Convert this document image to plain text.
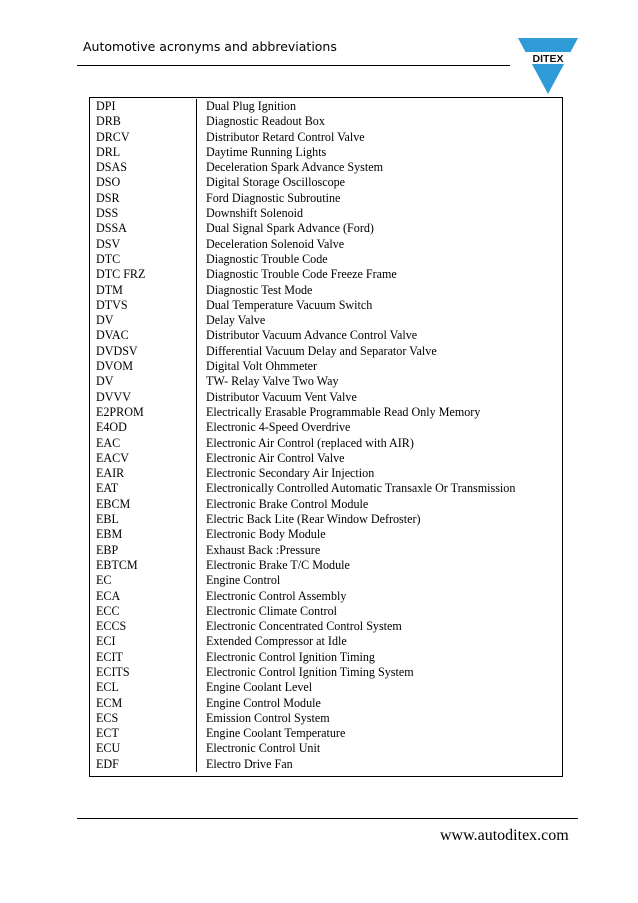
Automotive acronyms and abbreviations
DITEX
DPI	Dual Plug Ignition
DRB	Diagnostic Readout Box
DRCV	Distributor Retard Control Valve
DRL	Daytime Running Lights
DSAS	Deceleration Spark Advance System
DSO	Digital Storage Oscilloscope
DSR	Ford Diagnostic Subroutine
DSS	Downshift Solenoid
DSSA	Dual Signal Spark Advance (Ford)
DSV	Deceleration Solenoid Valve
DTC	Diagnostic Trouble Code
DTC FRZ	Diagnostic Trouble Code Freeze Frame
DTM	Diagnostic Test Mode
DTVS	Dual Temperature Vacuum Switch
DV	Delay Valve
DVAC	Distributor Vacuum Advance Control Valve
DVDSV	Differential Vacuum Delay and Separator Valve
DVOM	Digital Volt Ohmmeter
DV	TW- Relay Valve Two Way
DVVV	Distributor Vacuum Vent Valve
E2PROM	Electrically Erasable Programmable Read Only Memory
E4OD	Electronic 4-Speed Overdrive
EAC	Electronic Air Control (replaced with AIR)
EACV	Electronic Air Control Valve
EAIR	Electronic Secondary Air Injection
EAT	Electronically Controlled Automatic Transaxle Or Transmission
EBCM	Electronic Brake Control Module
EBL	Electric Back Lite (Rear Window Defroster)
EBM	Electronic Body Module
EBP	Exhaust Back :Pressure
EBTCM	Electronic Brake T/C Module
EC	Engine Control
ECA	Electronic Control Assembly
ECC	Electronic Climate Control
ECCS	Electronic Concentrated Control System
ECI	Extended Compressor at Idle
ECIT	Electronic Control Ignition Timing
ECITS	Electronic Control Ignition Timing System
ECL	Engine Coolant Level
ECM	Engine Control Module
ECS	Emission Control System
ECT	Engine Coolant Temperature
ECU	Electronic Control Unit
EDF	Electro Drive Fan
www.autoditex.com
